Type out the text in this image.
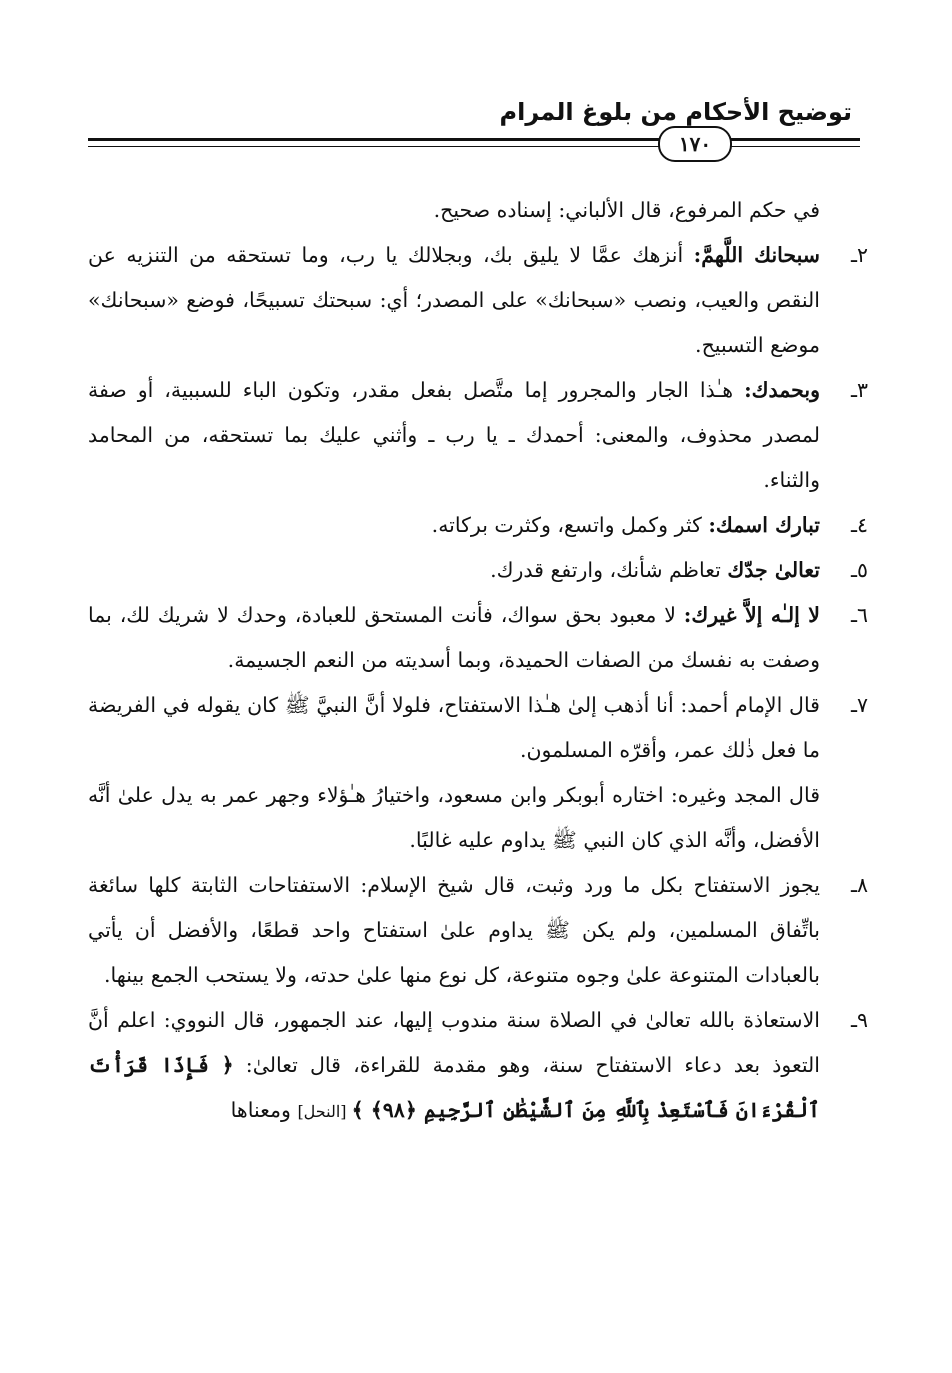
توضيح الأحكام من بلوغ المرام
١٧٠

في حكم المرفوع، قال الألباني: إسناده صحيح.

٢ـ
سبحانك اللَّهمَّ: أنزهك عمَّا لا يليق بك، وبجلالك يا رب، وما تستحقه من التنزيه عن النقص والعيب، ونصب «سبحانك» على المصدر؛ أي: سبحتك تسبيحًا، فوضع «سبحانك» موضع التسبيح.
٣ـ
وبحمدك: هـٰذا الجار والمجرور إما متَّصل بفعل مقدر، وتكون الباء للسببية، أو صفة لمصدر محذوف، والمعنى: أحمدك ـ يا رب ـ وأثني عليك بما تستحقه، من المحامد والثناء.
٤ـ
تبارك اسمك: كثر وكمل واتسع، وكثرت بركاته.
٥ـ
تعالىٰ جدّك تعاظم شأنك، وارتفع قدرك.
٦ـ
لا إلـٰه إلاَّ غيرك: لا معبود بحق سواك، فأنت المستحق للعبادة، وحدك لا شريك لك، بما وصفت به نفسك من الصفات الحميدة، وبما أسديته من النعم الجسيمة.
٧ـ
قال الإمام أحمد: أنا أذهب إلىٰ هـٰذا الاستفتاح، فلولا أنَّ النبيَّ ﷺ كان يقوله في الفريضة ما فعل ذٰلك عمر، وأقرّه المسلمون.

قال المجد وغيره: اختاره أبوبكر وابن مسعود، واختيارُ هـٰؤلاء وجهر عمر به يدل علىٰ أنَّه الأفضل، وأنَّه الذي كان النبي ﷺ يداوم عليه غالبًا.

٨ـ
يجوز الاستفتاح بكل ما ورد وثبت، قال شيخ الإسلام: الاستفتاحات الثابتة كلها سائغة باتِّفاق المسلمين، ولم يكن ﷺ يداوم علىٰ استفتاح واحد قطعًا، والأفضل أن يأتي بالعبادات المتنوعة علىٰ وجوه متنوعة، كل نوع منها علىٰ حدته، ولا يستحب الجمع بينها.
٩ـ
الاستعاذة بالله تعالىٰ في الصلاة سنة مندوب إليها، عند الجمهور، قال النووي: اعلم أنَّ التعوذ بعد دعاء الاستفتاح سنة، وهو مقدمة للقراءة، قال تعالىٰ: ﴿ فَإِذَا قَرَأْتَ ٱلْقُرْءَانَ فَٱسْتَعِذْ بِٱللَّهِ مِنَ ٱلشَّيْطَٰنِ ٱلرَّجِيمِ ﴿٩٨﴾ ﴾ [النحل] ومعناها
